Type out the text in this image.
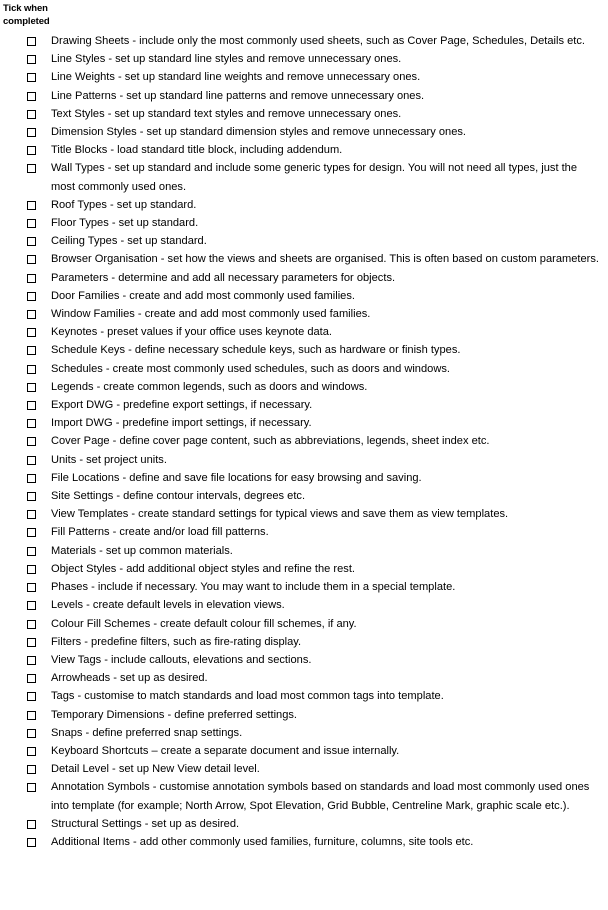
Tick when
completed
Drawing Sheets - include only the most commonly used sheets, such as Cover Page, Schedules, Details etc.
Line Styles - set up standard line styles and remove unnecessary ones.
Line Weights - set up standard line weights and remove unnecessary ones.
Line Patterns - set up standard line patterns and remove unnecessary ones.
Text Styles - set up standard text styles and remove unnecessary ones.
Dimension Styles - set up standard dimension styles and remove unnecessary ones.
Title Blocks - load standard title block, including addendum.
Wall Types - set up standard and include some generic types for design. You will not need all types, just the most commonly used ones.
Roof Types - set up standard.
Floor Types - set up standard.
Ceiling Types - set up standard.
Browser Organisation - set how the views and sheets are organised. This is often based on custom parameters.
Parameters - determine and add all necessary parameters for objects.
Door Families - create and add most commonly used families.
Window Families - create and add most commonly used families.
Keynotes - preset values if your office uses keynote data.
Schedule Keys - define necessary schedule keys, such as hardware or finish types.
Schedules - create most commonly used schedules, such as doors and windows.
Legends - create common legends, such as doors and windows.
Export DWG - predefine export settings, if necessary.
Import DWG - predefine import settings, if necessary.
Cover Page - define cover page content, such as abbreviations, legends, sheet index etc.
Units - set project units.
File Locations - define and save file locations for easy browsing and saving.
Site Settings - define contour intervals, degrees etc.
View Templates - create standard settings for typical views and save them as view templates.
Fill Patterns - create and/or load fill patterns.
Materials - set up common materials.
Object Styles - add additional object styles and refine the rest.
Phases - include if necessary. You may want to include them in a special template.
Levels - create default levels in elevation views.
Colour Fill Schemes - create default colour fill schemes, if any.
Filters - predefine filters, such as fire-rating display.
View Tags - include callouts, elevations and sections.
Arrowheads - set up as desired.
Tags - customise to match standards and load most common tags into template.
Temporary Dimensions - define preferred settings.
Snaps - define preferred snap settings.
Keyboard Shortcuts – create a separate document and issue internally.
Detail Level - set up New View detail level.
Annotation Symbols - customise annotation symbols based on standards and load most commonly used ones into template (for example; North Arrow, Spot Elevation, Grid Bubble, Centreline Mark, graphic scale etc.).
Structural Settings - set up as desired.
Additional Items - add other commonly used families, furniture, columns, site tools etc.
